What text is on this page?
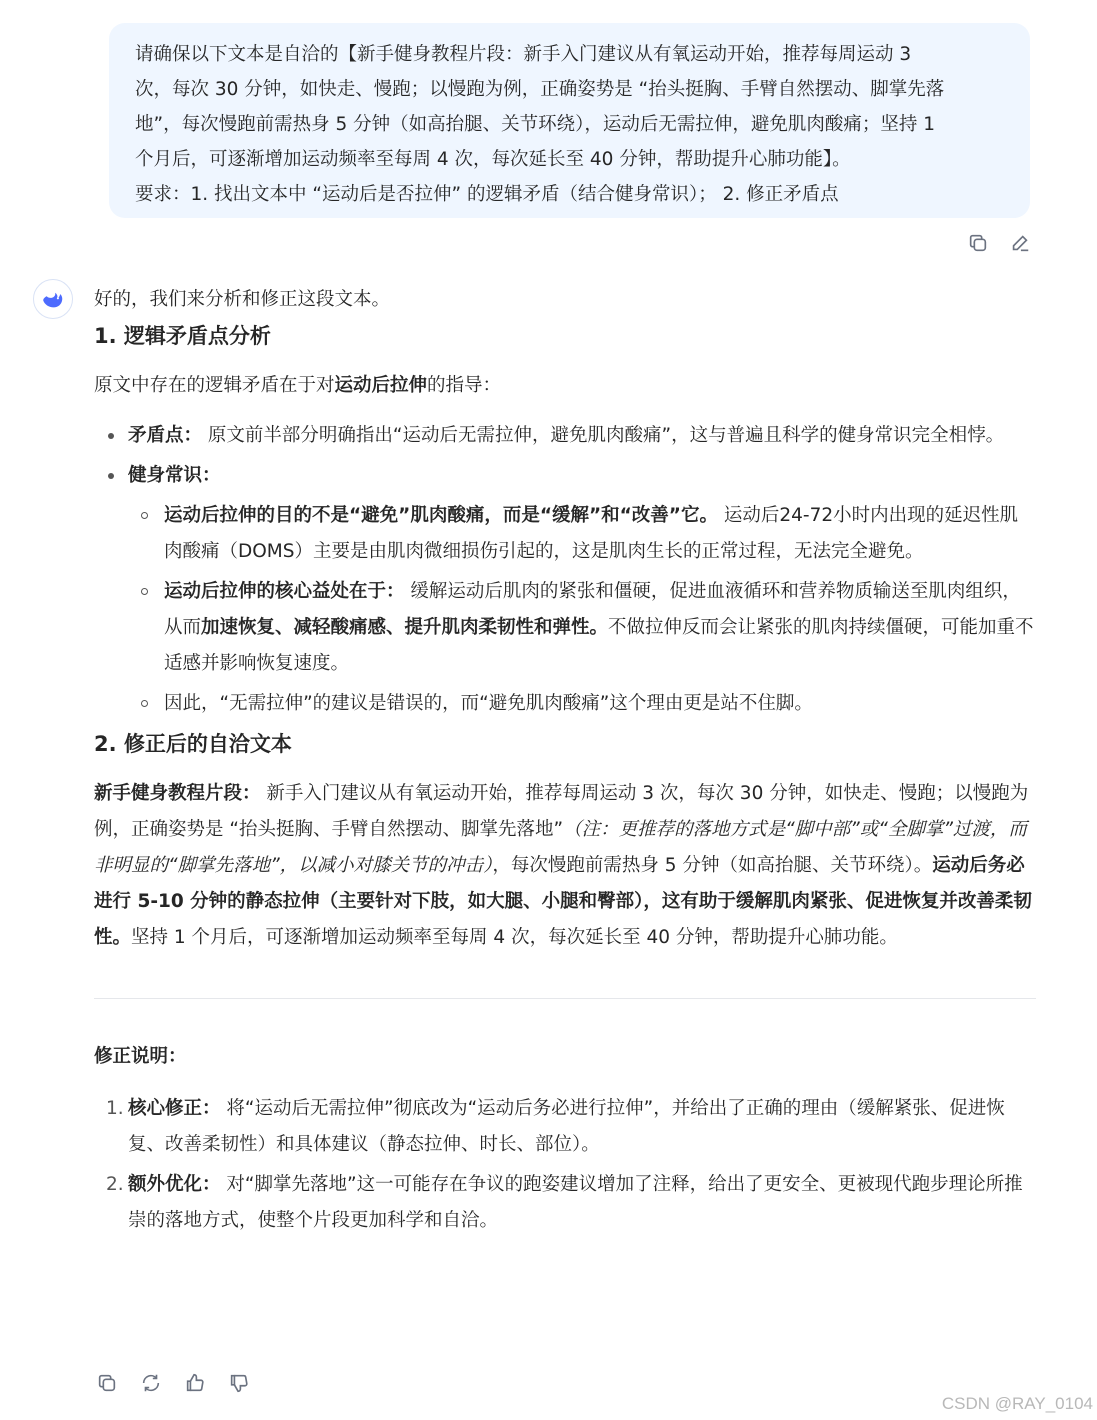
请确保以下文本是自洽的【新手健身教程片段：新手入门建议从有氧运动开始，推荐每周运动 3

次，每次 30 分钟，如快走、慢跑；以慢跑为例，正确姿势是 “抬头挺胸、手臂自然摆动、脚掌先落

地”，每次慢跑前需热身 5 分钟（如高抬腿、关节环绕），运动后无需拉伸，避免肌肉酸痛；坚持 1

个月后，可逐渐增加运动频率至每周 4 次，每次延长至 40 分钟，帮助提升心肺功能】。

要求：1. 找出文本中 “运动后是否拉伸” 的逻辑矛盾（结合健身常识）； 2. 修正矛盾点

好的，我们来分析和修正这段文本。

1. 逻辑矛盾点分析

原文中存在的逻辑矛盾在于对运动后拉伸的指导：

矛盾点： 原文前半部分明确指出“运动后无需拉伸，避免肌肉酸痛”，这与普遍且科学的健身常识完全相悖。
健身常识：
运动后拉伸的目的不是“避免”肌肉酸痛，而是“缓解”和“改善”它。 运动后24-72小时内出现的延迟性肌肉酸痛（DOMS）主要是由肌肉微细损伤引起的，这是肌肉生长的正常过程，无法完全避免。
运动后拉伸的核心益处在于： 缓解运动后肌肉的紧张和僵硬，促进血液循环和营养物质输送至肌肉组织，从而加速恢复、减轻酸痛感、提升肌肉柔韧性和弹性。不做拉伸反而会让紧张的肌肉持续僵硬，可能加重不适感并影响恢复速度。
因此，“无需拉伸”的建议是错误的，而“避免肌肉酸痛”这个理由更是站不住脚。
2. 修正后的自洽文本

新手健身教程片段： 新手入门建议从有氧运动开始，推荐每周运动 3 次，每次 30 分钟，如快走、慢跑；以慢跑为例，正确姿势是 “抬头挺胸、手臂自然摆动、脚掌先落地”（注：更推荐的落地方式是“脚中部”或“全脚掌”过渡，而非明显的“脚掌先落地”，以减小对膝关节的冲击），每次慢跑前需热身 5 分钟（如高抬腿、关节环绕）。运动后务必进行 5-10 分钟的静态拉伸（主要针对下肢，如大腿、小腿和臀部），这有助于缓解肌肉紧张、促进恢复并改善柔韧性。坚持 1 个月后，可逐渐增加运动频率至每周 4 次，每次延长至 40 分钟，帮助提升心肺功能。

修正说明：

1. 核心修正： 将“运动后无需拉伸”彻底改为“运动后务必进行拉伸”，并给出了正确的理由（缓解紧张、促进恢复、改善柔韧性）和具体建议（静态拉伸、时长、部位）。
2. 额外优化： 对“脚掌先落地”这一可能存在争议的跑姿建议增加了注释，给出了更安全、更被现代跑步理论所推崇的落地方式，使整个片段更加科学和自洽。
CSDN @RAY_0104
